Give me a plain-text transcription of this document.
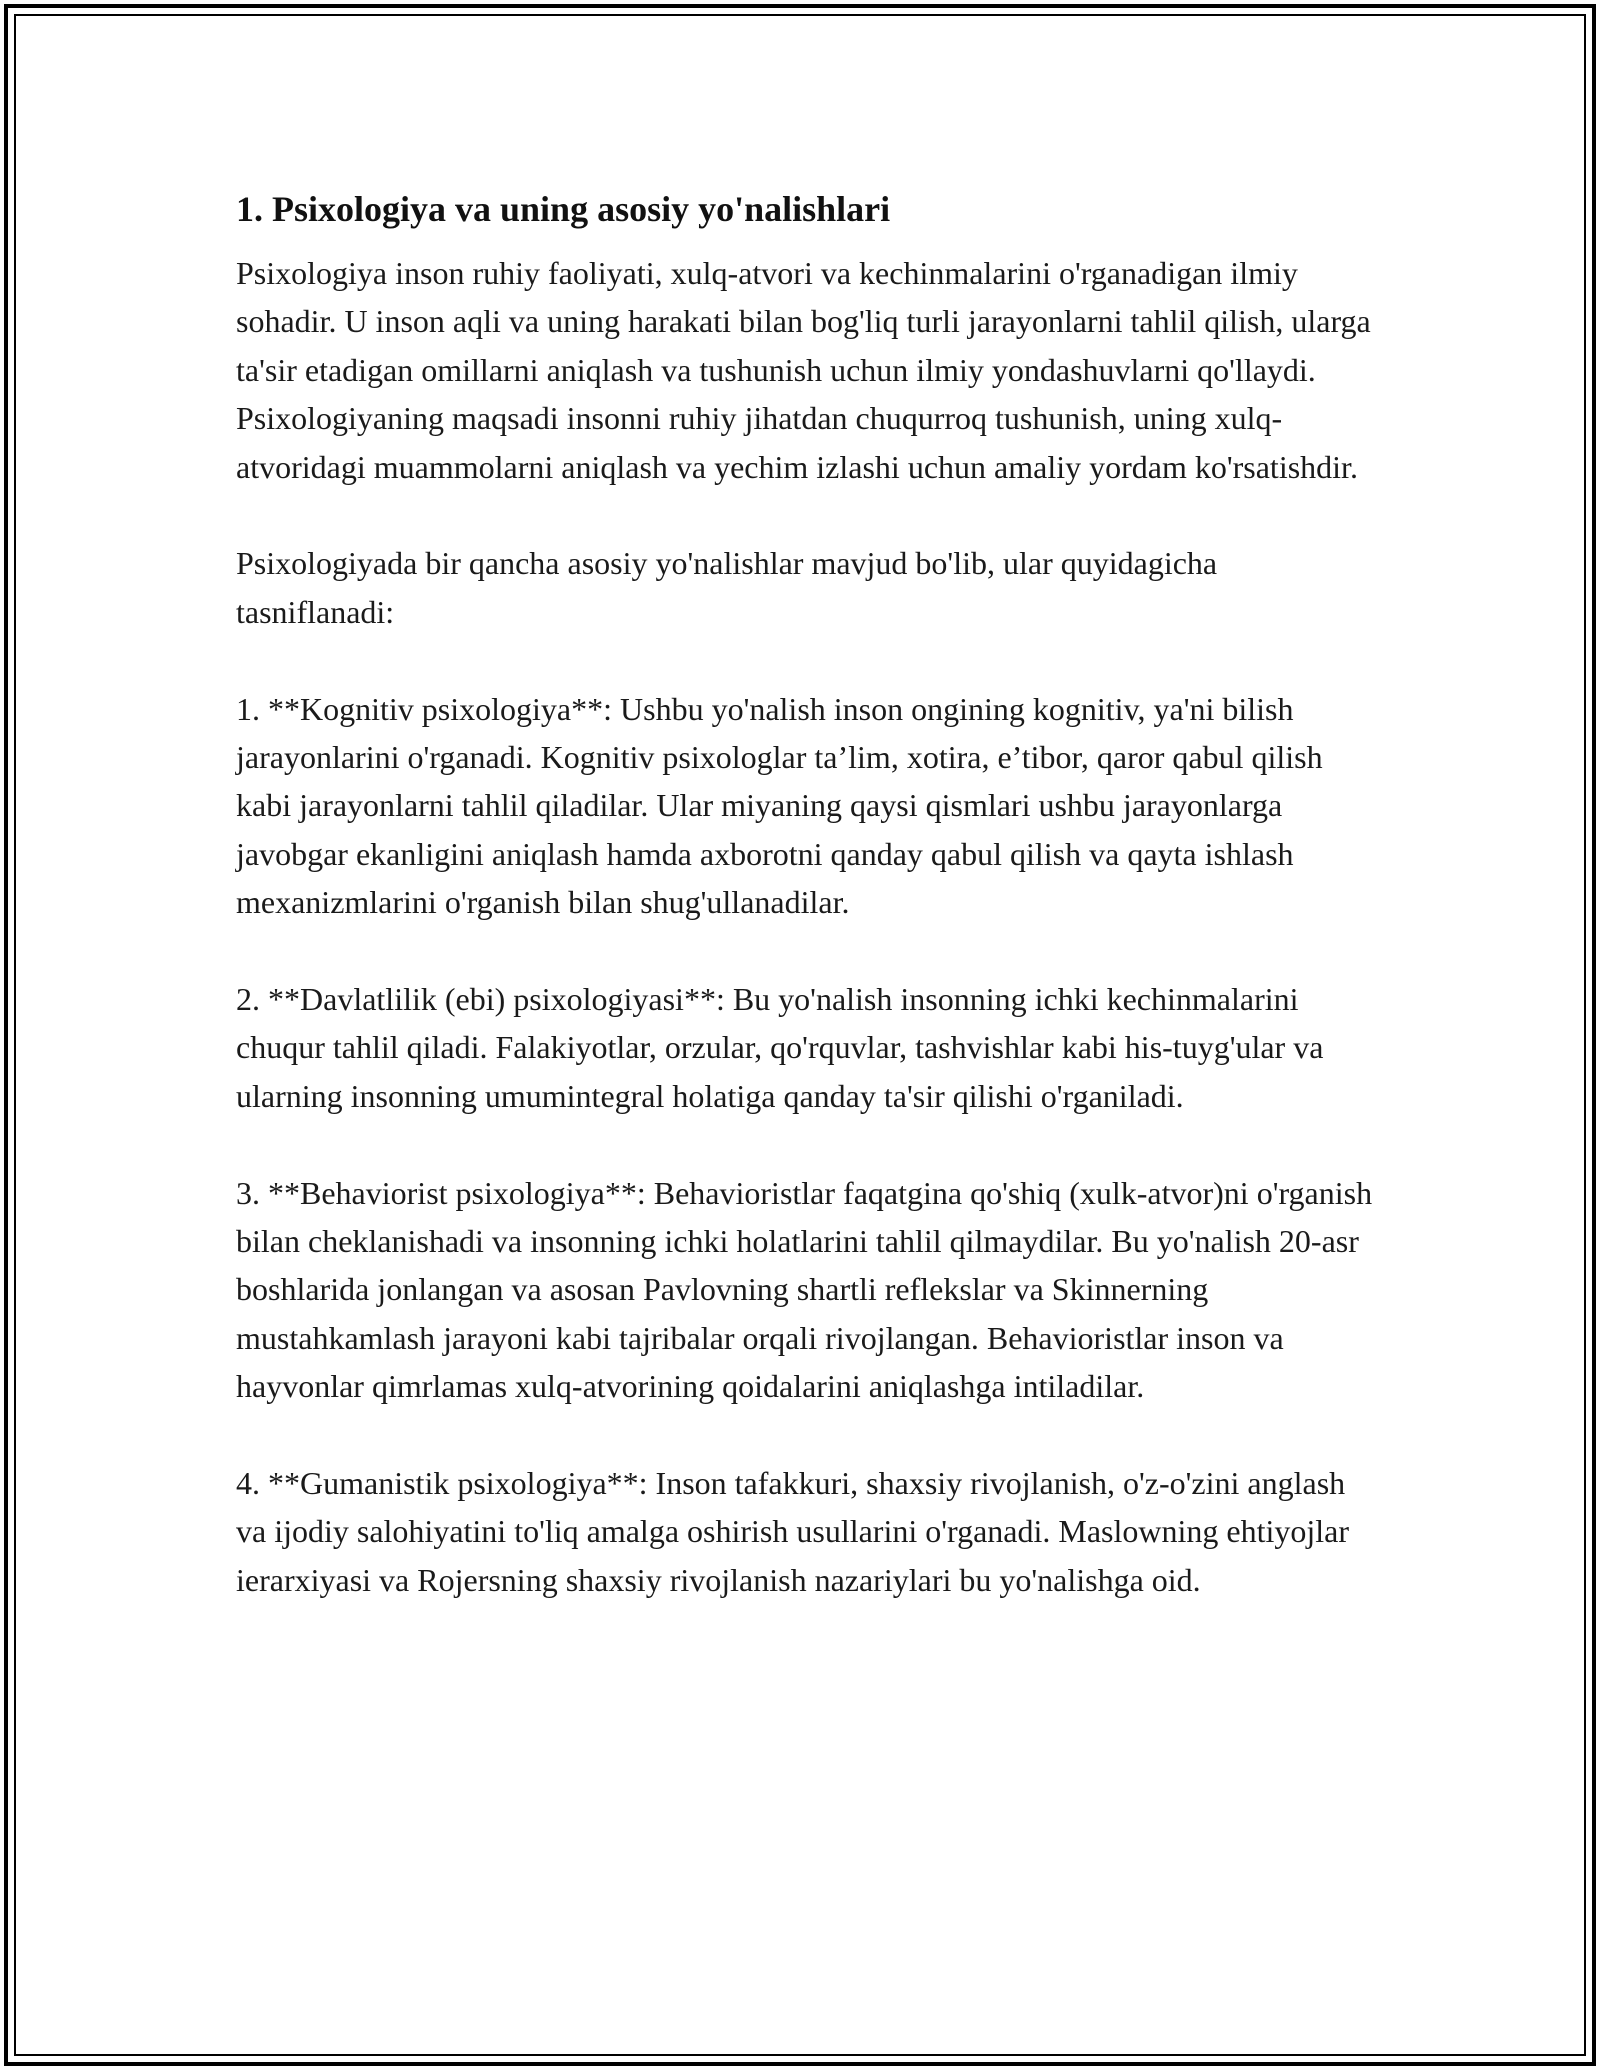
1. Psixologiya va uning asosiy yo'nalishlari

Psixologiya inson ruhiy faoliyati, xulq-atvori va kechinmalarini o'rganadigan ilmiy sohadir. U inson aqli va uning harakati bilan bog'liq turli jarayonlarni tahlil qilish, ularga ta'sir etadigan omillarni aniqlash va tushunish uchun ilmiy yondashuvlarni qo'llaydi. Psixologiyaning maqsadi insonni ruhiy jihatdan chuqurroq tushunish, uning xulq-atvoridagi muammolarni aniqlash va yechim izlashi uchun amaliy yordam ko'rsatishdir.

Psixologiyada bir qancha asosiy yo'nalishlar mavjud bo'lib, ular quyidagicha tasniflanadi:

1. **Kognitiv psixologiya**: Ushbu yo'nalish inson ongining kognitiv, ya'ni bilish jarayonlarini o'rganadi. Kognitiv psixologlar ta’lim, xotira, e’tibor, qaror qabul qilish kabi jarayonlarni tahlil qiladilar. Ular miyaning qaysi qismlari ushbu jarayonlarga javobgar ekanligini aniqlash hamda axborotni qanday qabul qilish va qayta ishlash mexanizmlarini o'rganish bilan shug'ullanadilar.

2. **Davlatlilik (ebi) psixologiyasi**: Bu yo'nalish insonning ichki kechinmalarini chuqur tahlil qiladi. Falakiyotlar, orzular, qo'rquvlar, tashvishlar kabi his-tuyg'ular va ularning insonning umumintegral holatiga qanday ta'sir qilishi o'rganiladi.

3. **Behaviorist psixologiya**: Behavioristlar faqatgina qo'shiq (xulk-atvor)ni o'rganish bilan cheklanishadi va insonning ichki holatlarini tahlil qilmaydilar. Bu yo'nalish 20-asr boshlarida jonlangan va asosan Pavlovning shartli reflekslar va Skinnerning mustahkamlash jarayoni kabi tajribalar orqali rivojlangan. Behavioristlar inson va hayvonlar qimrlamas xulq-atvorining qoidalarini aniqlashga intiladilar.

4. **Gumanistik psixologiya**: Inson tafakkuri, shaxsiy rivojlanish, o'z-o'zini anglash va ijodiy salohiyatini to'liq amalga oshirish usullarini o'rganadi. Maslowning ehtiyojlar ierarxiyasi va Rojersning shaxsiy rivojlanish nazariylari bu yo'nalishga oid.
